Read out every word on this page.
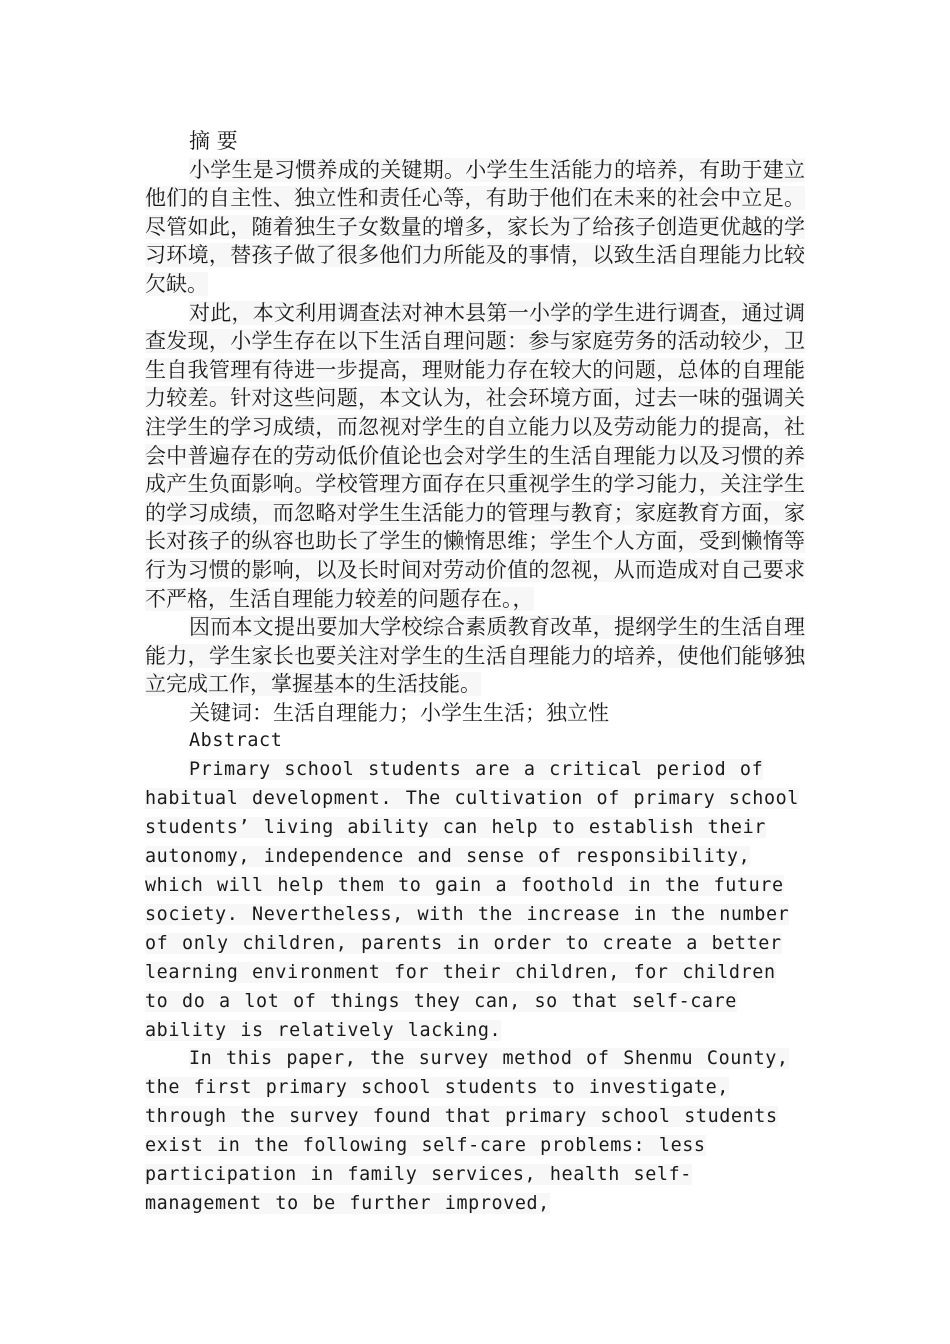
摘 要

小学生是习惯养成的关键期。小学生生活能力的培养，有助于建立他们的自主性、独立性和责任心等，有助于他们在未来的社会中立足。尽管如此，随着独生子女数量的增多，家长为了给孩子创造更优越的学习环境，替孩子做了很多他们力所能及的事情，以致生活自理能力比较欠缺。

对此，本文利用调查法对神木县第一小学的学生进行调查，通过调查发现，小学生存在以下生活自理问题：参与家庭劳务的活动较少，卫生自我管理有待进一步提高，理财能力存在较大的问题，总体的自理能力较差。针对这些问题，本文认为，社会环境方面，过去一味的强调关注学生的学习成绩，而忽视对学生的自立能力以及劳动能力的提高，社会中普遍存在的劳动低价值论也会对学生的生活自理能力以及习惯的养成产生负面影响。学校管理方面存在只重视学生的学习能力，关注学生的学习成绩，而忽略对学生生活能力的管理与教育；家庭教育方面，家长对孩子的纵容也助长了学生的懒惰思维；学生个人方面，受到懒惰等行为习惯的影响，以及长时间对劳动价值的忽视，从而造成对自己要求不严格，生活自理能力较差的问题存在。，

因而本文提出要加大学校综合素质教育改革，提纲学生的生活自理能力，学生家长也要关注对学生的生活自理能力的培养，使他们能够独立完成工作，掌握基本的生活技能。

关键词：生活自理能力；小学生生活；独立性

Abstract

Primary school students are a critical period of habitual development. The cultivation of primary school students’ living ability can help to establish their autonomy, independence and sense of responsibility, which will help them to gain a foothold in the future society. Nevertheless, with the increase in the number of only children, parents in order to create a better learning environment for their children, for children to do a lot of things they can, so that self-care ability is relatively lacking.

In this paper, the survey method of Shenmu County, the first primary school students to investigate, through the survey found that primary school students exist in the following self-care problems: less participation in family services, health self-management to be further improved,
